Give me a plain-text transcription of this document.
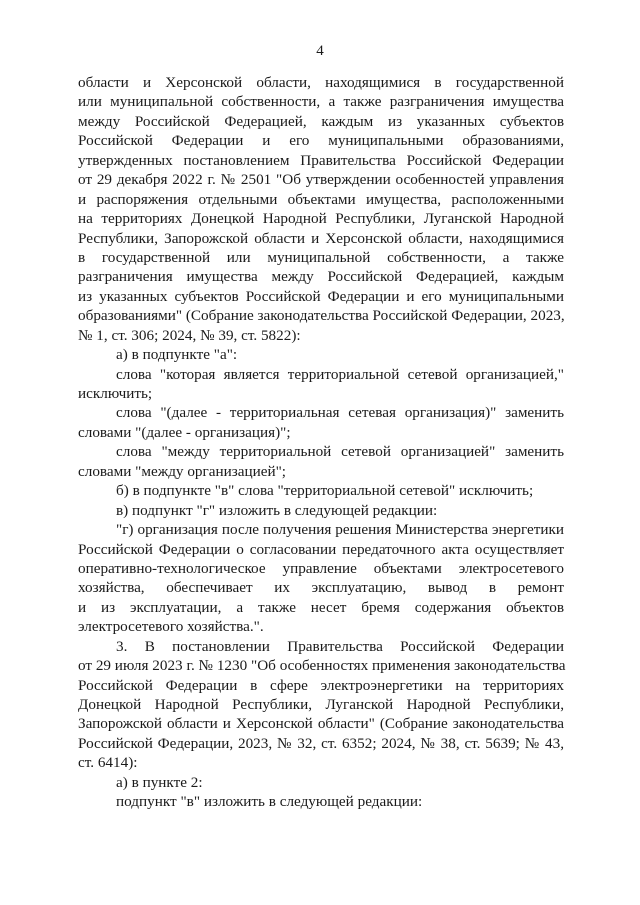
4
области и Херсонской области, находящимися в государственной
или муниципальной собственности, а также разграничения имущества
между Российской Федерацией, каждым из указанных субъектов
Российской Федерации и его муниципальными образованиями,
утвержденных постановлением Правительства Российской Федерации
от 29 декабря 2022 г. № 2501 "Об утверждении особенностей управления
и распоряжения отдельными объектами имущества, расположенными
на территориях Донецкой Народной Республики, Луганской Народной
Республики, Запорожской области и Херсонской области, находящимися
в государственной или муниципальной собственности, а также
разграничения имущества между Российской Федерацией, каждым
из указанных субъектов Российской Федерации и его муниципальными
образованиями" (Собрание законодательства Российской Федерации, 2023,
№ 1, ст. 306; 2024, № 39, ст. 5822):
а) в подпункте "а":
слова "которая является территориальной сетевой организацией,"
исключить;
слова "(далее - территориальная сетевая организация)" заменить
словами "(далее - организация)";
слова "между территориальной сетевой организацией" заменить
словами "между организацией";
б) в подпункте "в" слова "территориальной сетевой" исключить;
в) подпункт "г" изложить в следующей редакции:
"г) организация после получения решения Министерства энергетики
Российской Федерации о согласовании передаточного акта осуществляет
оперативно-технологическое управление объектами электросетевого
хозяйства, обеспечивает их эксплуатацию, вывод в ремонт
и из эксплуатации, а также несет бремя содержания объектов
электросетевого хозяйства.".
3. В постановлении Правительства Российской Федерации
от 29 июля 2023 г. № 1230 "Об особенностях применения законодательства
Российской Федерации в сфере электроэнергетики на территориях
Донецкой Народной Республики, Луганской Народной Республики,
Запорожской области и Херсонской области" (Собрание законодательства
Российской Федерации, 2023, № 32, ст. 6352; 2024, № 38, ст. 5639; № 43,
ст. 6414):
а) в пункте 2:
подпункт "в" изложить в следующей редакции:
